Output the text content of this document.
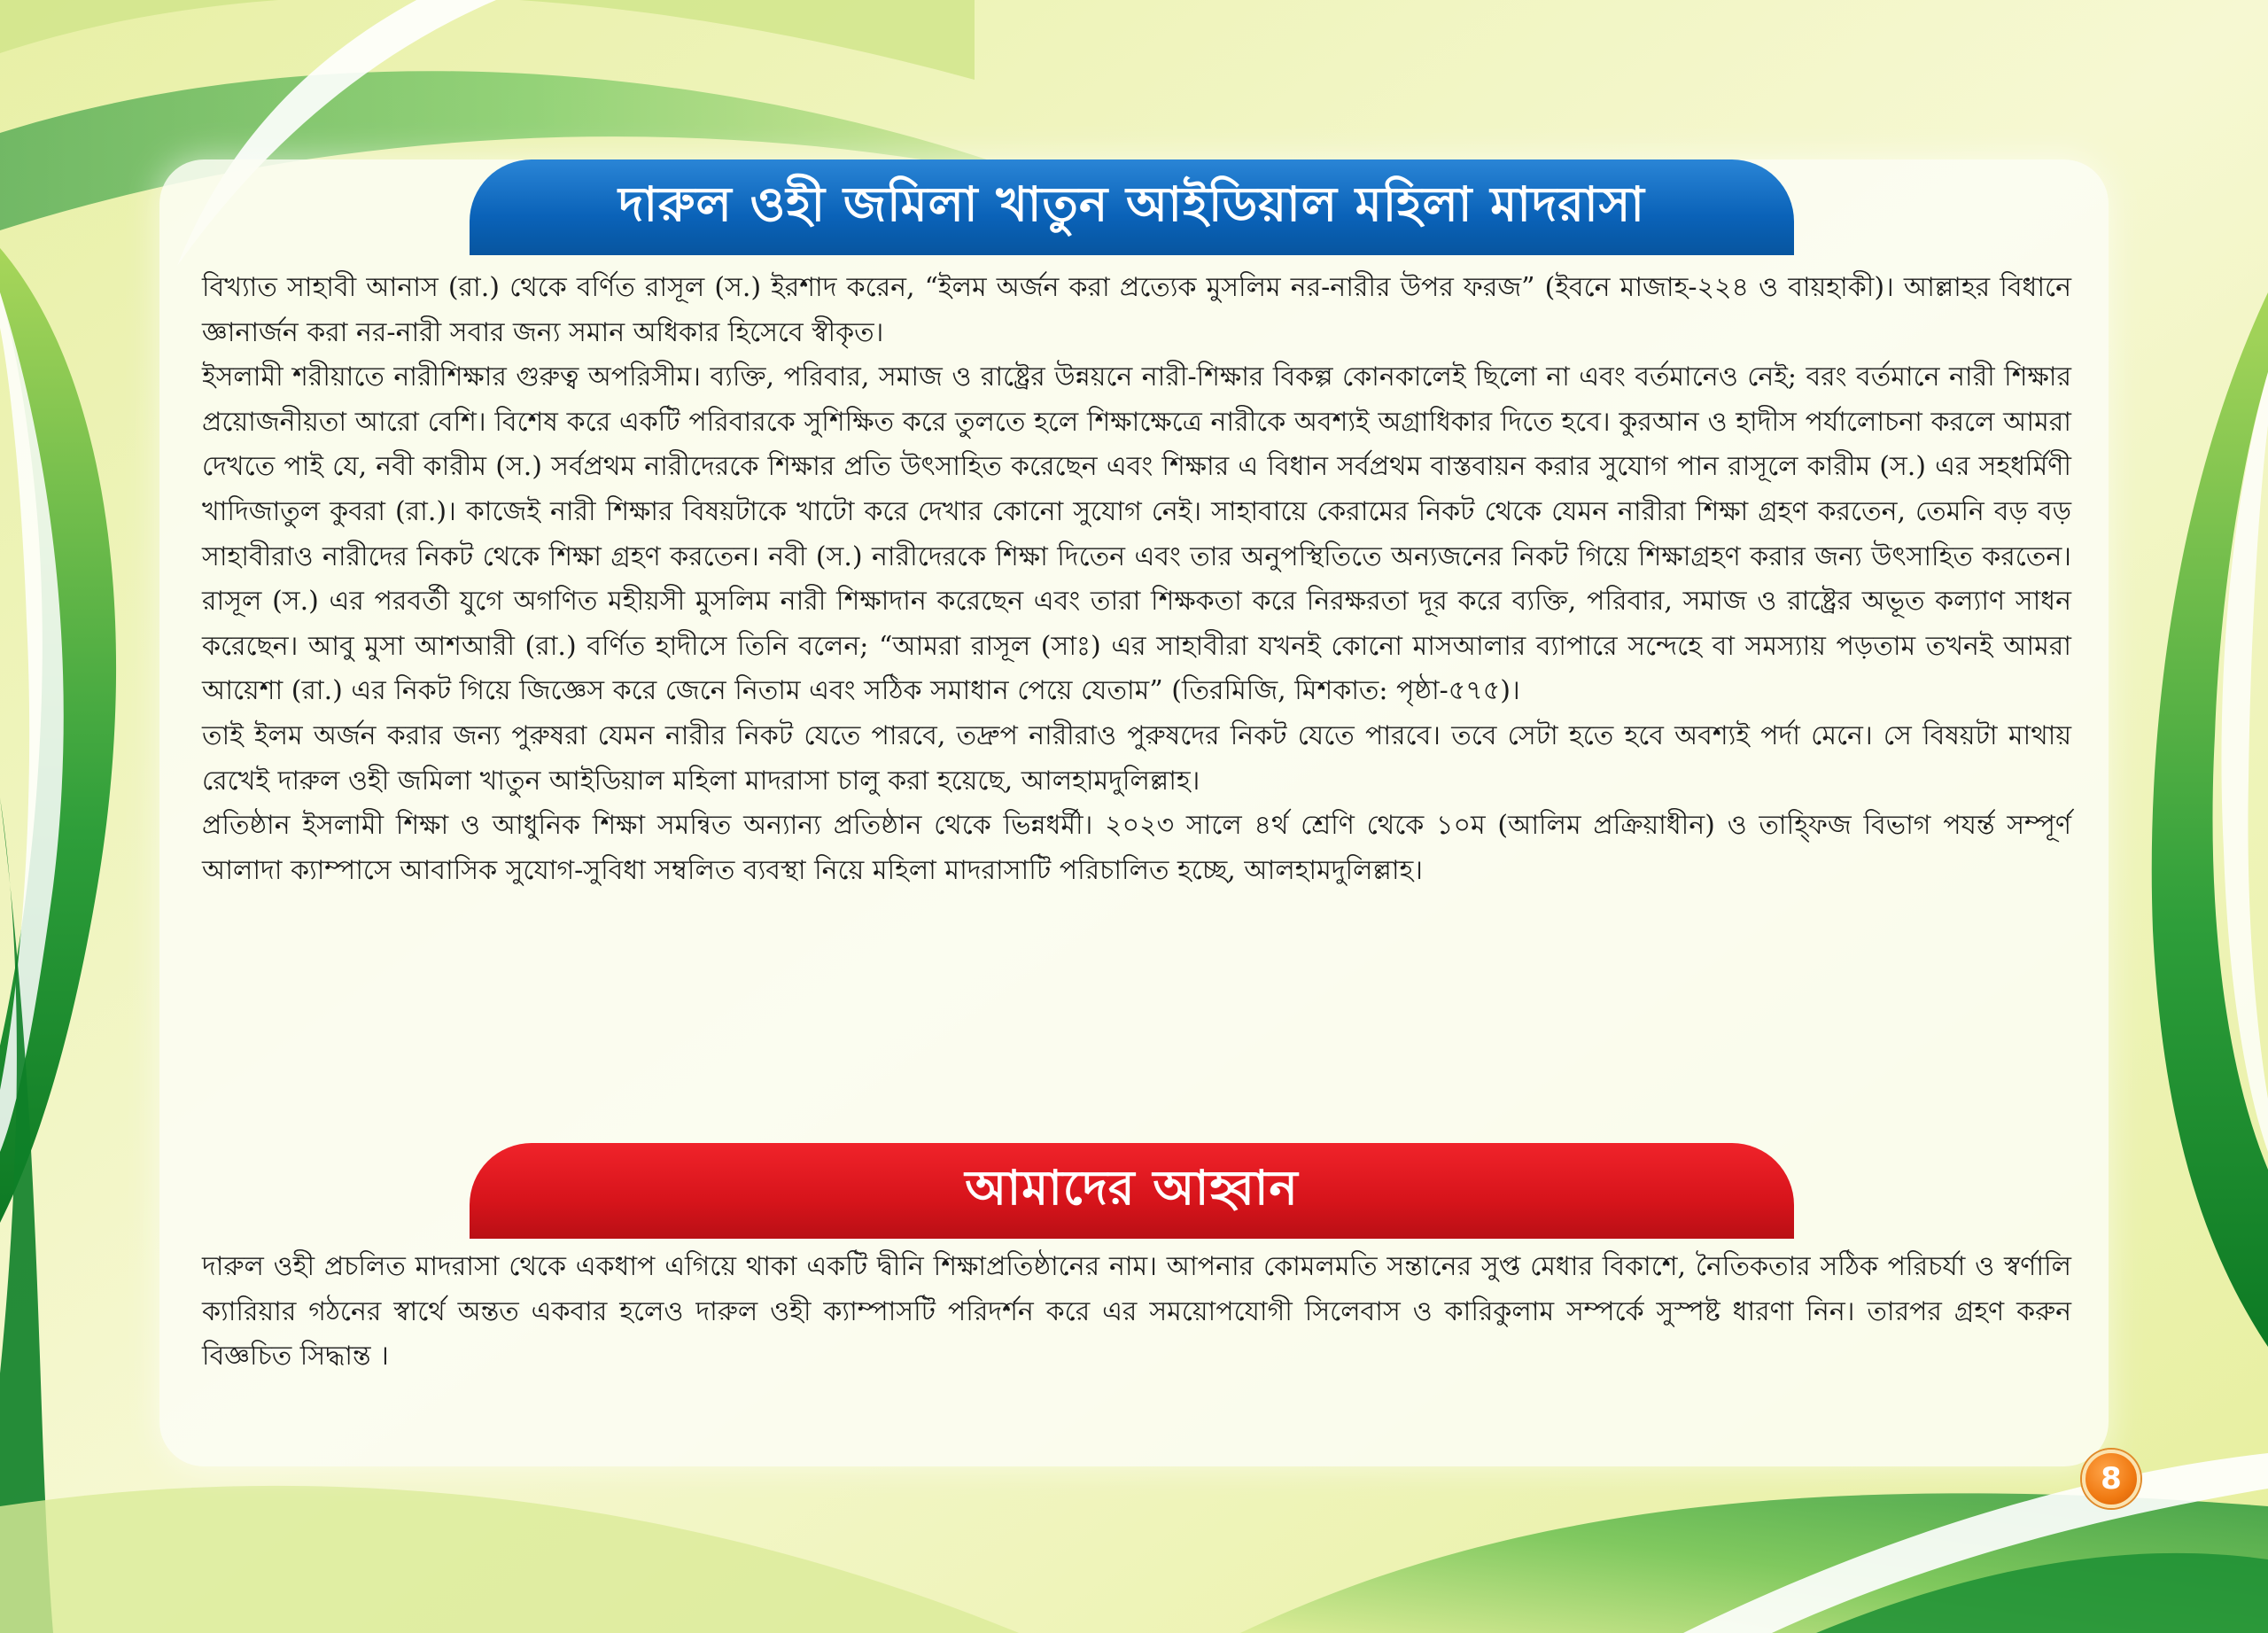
দারুল ওহী জমিলা খাতুন আইডিয়াল মহিলা মাদরাসা

বিখ্যাত সাহাবী আনাস (রা.) থেকে বর্ণিত রাসূল (স.) ইরশাদ করেন, “ইলম অর্জন করা প্রত্যেক মুসলিম নর-নারীর উপর ফরজ” (ইবনে মাজাহ-২২৪ ও বায়হাকী)। আল্লাহর বিধানে জ্ঞানার্জন করা নর-নারী সবার জন্য সমান অধিকার হিসেবে স্বীকৃত।

ইসলামী শরীয়াতে নারীশিক্ষার গুরুত্ব অপরিসীম। ব্যক্তি, পরিবার, সমাজ ও রাষ্ট্রের উন্নয়নে নারী-শিক্ষার বিকল্প কোনকালেই ছিলো না এবং বর্তমানেও নেই; বরং বর্তমানে নারী শিক্ষার প্রয়োজনীয়তা আরো বেশি। বিশেষ করে একটি পরিবারকে সুশিক্ষিত করে তুলতে হলে শিক্ষাক্ষেত্রে নারীকে অবশ্যই অগ্রাধিকার দিতে হবে। কুরআন ও হাদীস পর্যালোচনা করলে আমরা দেখতে পাই যে, নবী কারীম (স.) সর্বপ্রথম নারীদেরকে শিক্ষার প্রতি উৎসাহিত করেছেন এবং শিক্ষার এ বিধান সর্বপ্রথম বাস্তবায়ন করার সুযোগ পান রাসূলে কারীম (স.) এর সহধর্মিণী খাদিজাতুল কুবরা (রা.)। কাজেই নারী শিক্ষার বিষয়টাকে খাটো করে দেখার কোনো সুযোগ নেই। সাহাবায়ে কেরামের নিকট থেকে যেমন নারীরা শিক্ষা গ্রহণ করতেন, তেমনি বড় বড় সাহাবীরাও নারীদের নিকট থেকে শিক্ষা গ্রহণ করতেন। নবী (স.) নারীদেরকে শিক্ষা দিতেন এবং তার অনুপস্থিতিতে অন্যজনের নিকট গিয়ে শিক্ষাগ্রহণ করার জন্য উৎসাহিত করতেন। রাসূল (স.) এর পরবর্তী যুগে অগণিত মহীয়সী মুসলিম নারী শিক্ষাদান করেছেন এবং তারা শিক্ষকতা করে নিরক্ষরতা দূর করে ব্যক্তি, পরিবার, সমাজ ও রাষ্ট্রের অভূত কল্যাণ সাধন করেছেন। আবু মুসা আশআরী (রা.) বর্ণিত হাদীসে তিনি বলেন; “আমরা রাসূল (সাঃ) এর সাহাবীরা যখনই কোনো মাসআলার ব্যাপারে সন্দেহে বা সমস্যায় পড়তাম তখনই আমরা আয়েশা (রা.) এর নিকট গিয়ে জিজ্ঞেস করে জেনে নিতাম এবং সঠিক সমাধান পেয়ে যেতাম” (তিরমিজি, মিশকাত: পৃষ্ঠা-৫৭৫)।

তাই ইলম অর্জন করার জন্য পুরুষরা যেমন নারীর নিকট যেতে পারবে, তদ্রুপ নারীরাও পুরুষদের নিকট যেতে পারবে। তবে সেটা হতে হবে অবশ্যই পর্দা মেনে। সে বিষয়টা মাথায় রেখেই দারুল ওহী জমিলা খাতুন আইডিয়াল মহিলা মাদরাসা চালু করা হয়েছে, আলহামদুলিল্লাহ।

প্রতিষ্ঠান ইসলামী শিক্ষা ও আধুনিক শিক্ষা সমন্বিত অন্যান্য প্রতিষ্ঠান থেকে ভিন্নধর্মী। ২০২৩ সালে ৪র্থ শ্রেণি থেকে ১০ম (আলিম প্রক্রিয়াধীন) ও তাহ্ফিজ বিভাগ পযর্ন্ত সম্পূর্ণ আলাদা ক্যাম্পাসে আবাসিক সুযোগ-সুবিধা সম্বলিত ব্যবস্থা নিয়ে মহিলা মাদরাসাটি পরিচালিত হচ্ছে, আলহামদুলিল্লাহ।

আমাদের আহ্বান

দারুল ওহী প্রচলিত মাদরাসা থেকে একধাপ এগিয়ে থাকা একটি দ্বীনি শিক্ষাপ্রতিষ্ঠানের নাম। আপনার কোমলমতি সন্তানের সুপ্ত মেধার বিকাশে, নৈতিকতার সঠিক পরিচর্যা ও স্বর্ণালি ক্যারিয়ার গঠনের স্বার্থে অন্তত একবার হলেও দারুল ওহী ক্যাম্পাসটি পরিদর্শন করে এর সময়োপযোগী সিলেবাস ও কারিকুলাম সম্পর্কে সুস্পষ্ট ধারণা নিন। তারপর গ্রহণ করুন বিজ্ঞচিত সিদ্ধান্ত ।

8
